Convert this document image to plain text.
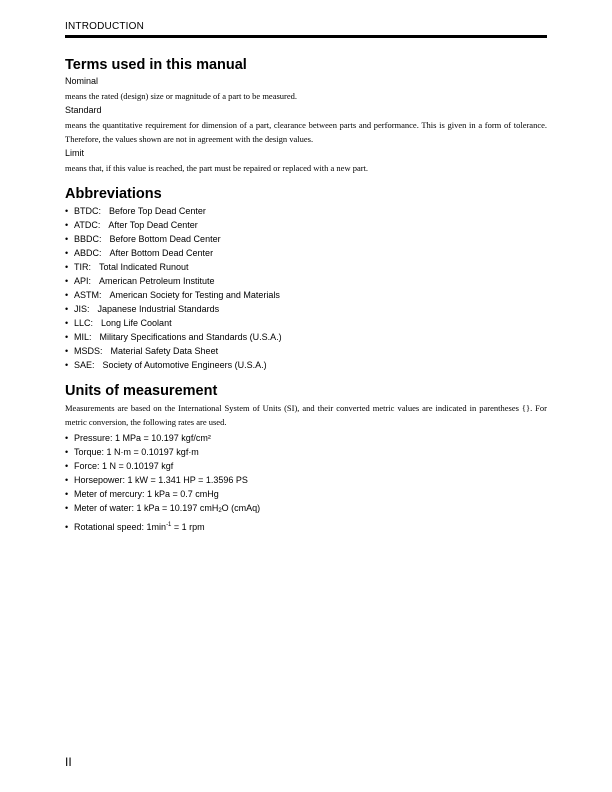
INTRODUCTION
Terms used in this manual
Nominal
means the rated (design) size or magnitude of a part to be measured.
Standard
means the quantitative requirement for dimension of a part, clearance between parts and performance. This is given in a form of tolerance. Therefore, the values shown are not in agreement with the design values.
Limit
means that, if this value is reached, the part must be repaired or replaced with a new part.
Abbreviations
• BTDC: Before Top Dead Center
• ATDC: After Top Dead Center
• BBDC: Before Bottom Dead Center
• ABDC: After Bottom Dead Center
• TIR: Total Indicated Runout
• API: American Petroleum Institute
• ASTM: American Society for Testing and Materials
• JIS: Japanese Industrial Standards
• LLC: Long Life Coolant
• MIL: Military Specifications and Standards (U.S.A.)
• MSDS: Material Safety Data Sheet
• SAE: Society of Automotive Engineers (U.S.A.)
Units of measurement
Measurements are based on the International System of Units (SI), and their converted metric values are indicated in parentheses {}. For metric conversion, the following rates are used.
• Pressure: 1 MPa = 10.197 kgf/cm²
• Torque: 1 N·m = 0.10197 kgf·m
• Force: 1 N = 0.10197 kgf
• Horsepower: 1 kW = 1.341 HP = 1.3596 PS
• Meter of mercury: 1 kPa = 0.7 cmHg
• Meter of water: 1 kPa = 10.197 cmH$_2$O (cmAq)
• Rotational speed: $1\min^{-1} = 1$ rpm
II
